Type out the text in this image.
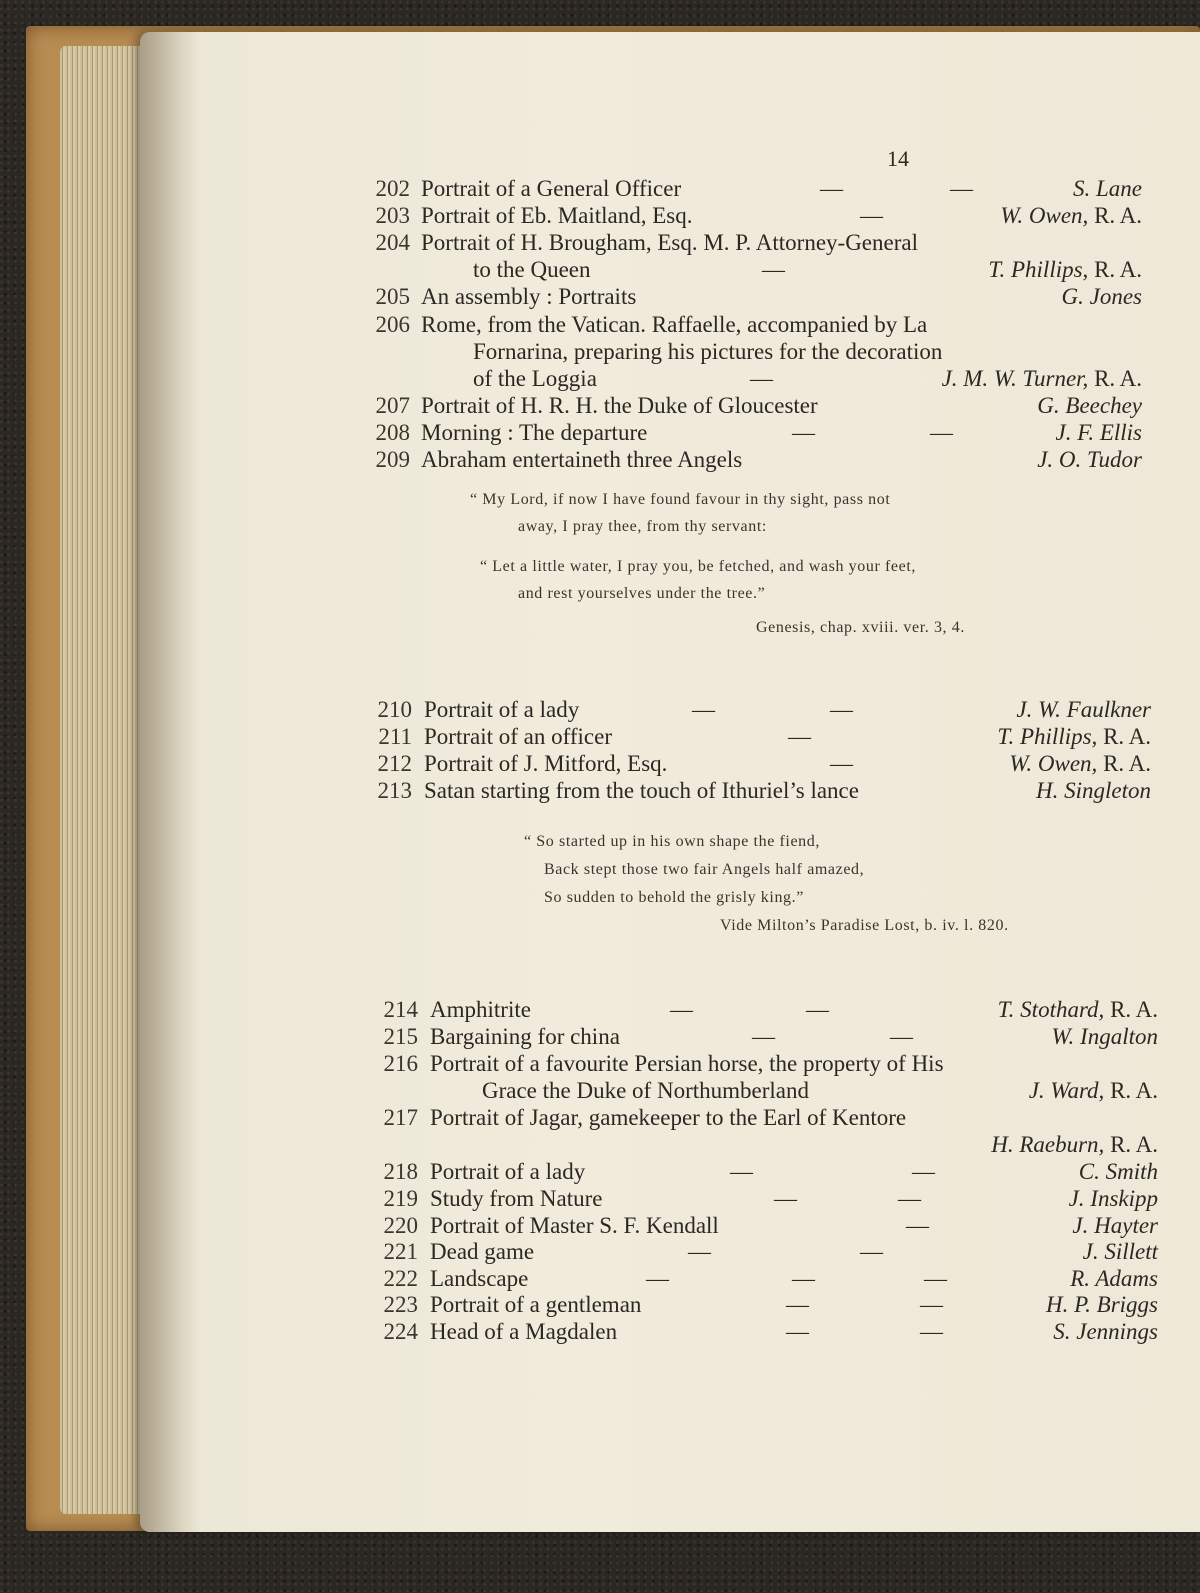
14
202 Portrait of a General Officer	—	—	S. Lane
203 Portrait of Eb. Maitland, Esq.	—	W. Owen, R. A.
204 Portrait of H. Brougham, Esq. M. P. Attorney-General
to the Queen	—	T. Phillips, R. A.
205 An assembly : Portraits	G. Jones
206 Rome, from the Vatican. Raffaelle, accompanied by La
Fornarina, preparing his pictures for the decoration
of the Loggia	—	J. M. W. Turner, R. A.
207 Portrait of H. R. H. the Duke of Gloucester	G. Beechey
208 Morning : The departure	—	—	J. F. Ellis
209 Abraham entertaineth three Angels	J. O. Tudor
210 Portrait of a lady	—	—	J. W. Faulkner
211 Portrait of an officer	—	T. Phillips, R. A.
212 Portrait of J. Mitford, Esq.	—	W. Owen, R. A.
213 Satan starting from the touch of Ithuriel’s lance	H. Singleton
214 Amphitrite	—	—	T. Stothard, R. A.
215 Bargaining for china	—	—	W. Ingalton
216 Portrait of a favourite Persian horse, the property of His
Grace the Duke of Northumberland	J. Ward, R. A.
217 Portrait of Jagar, gamekeeper to the Earl of Kentore
H. Raeburn, R. A.
218 Portrait of a lady	—	—	C. Smith
219 Study from Nature	—	—	J. Inskipp
220 Portrait of Master S. F. Kendall	—	J. Hayter
221 Dead game	—	—	J. Sillett
222 Landscape	—	—	—	R. Adams
223 Portrait of a gentleman	—	—	H. P. Briggs
224 Head of a Magdalen	—	—	S. Jennings
“ My Lord, if now I have found favour in thy sight, pass not
away, I pray thee, from thy servant:
“ Let a little water, I pray you, be fetched, and wash your feet,
and rest yourselves under the tree.”
Genesis, chap. xviii. ver. 3, 4.
“ So started up in his own shape the fiend,
Back stept those two fair Angels half amazed,
So sudden to behold the grisly king.”
Vide Milton’s Paradise Lost, b. iv. l. 820.
